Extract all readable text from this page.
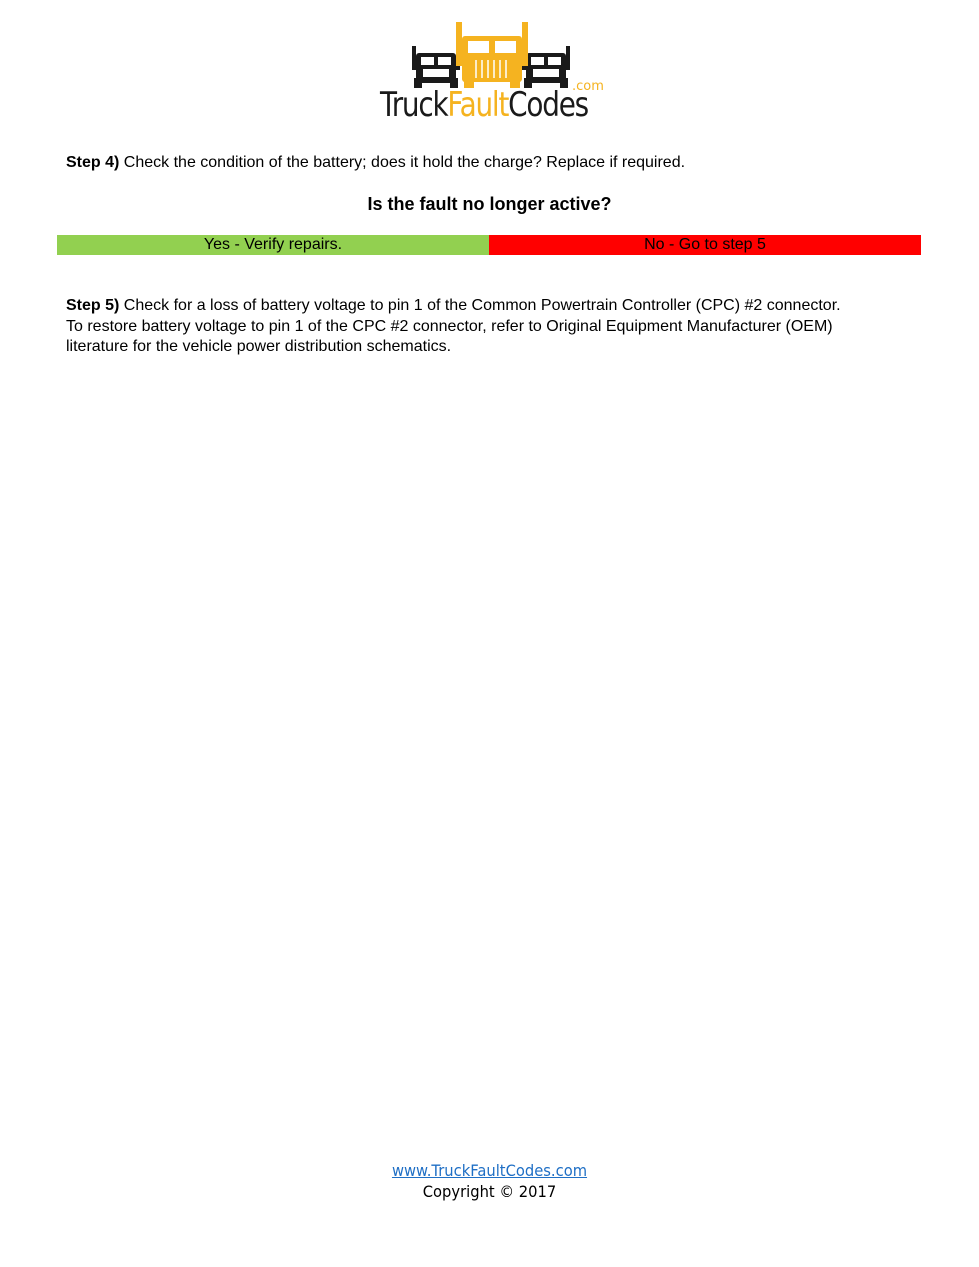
.com
TruckFaultCodes
Step 4) Check the condition of the battery; does it hold the charge? Replace if required.
Is the fault no longer active?
Yes - Verify repairs.	No - Go to step 5
Step 5) Check for a loss of battery voltage to pin 1 of the Common Powertrain Controller (CPC) #2 connector. To restore battery voltage to pin 1 of the CPC #2 connector, refer to Original Equipment Manufacturer (OEM) literature for the vehicle power distribution schematics.
www.TruckFaultCodes.com
Copyright © 2017
